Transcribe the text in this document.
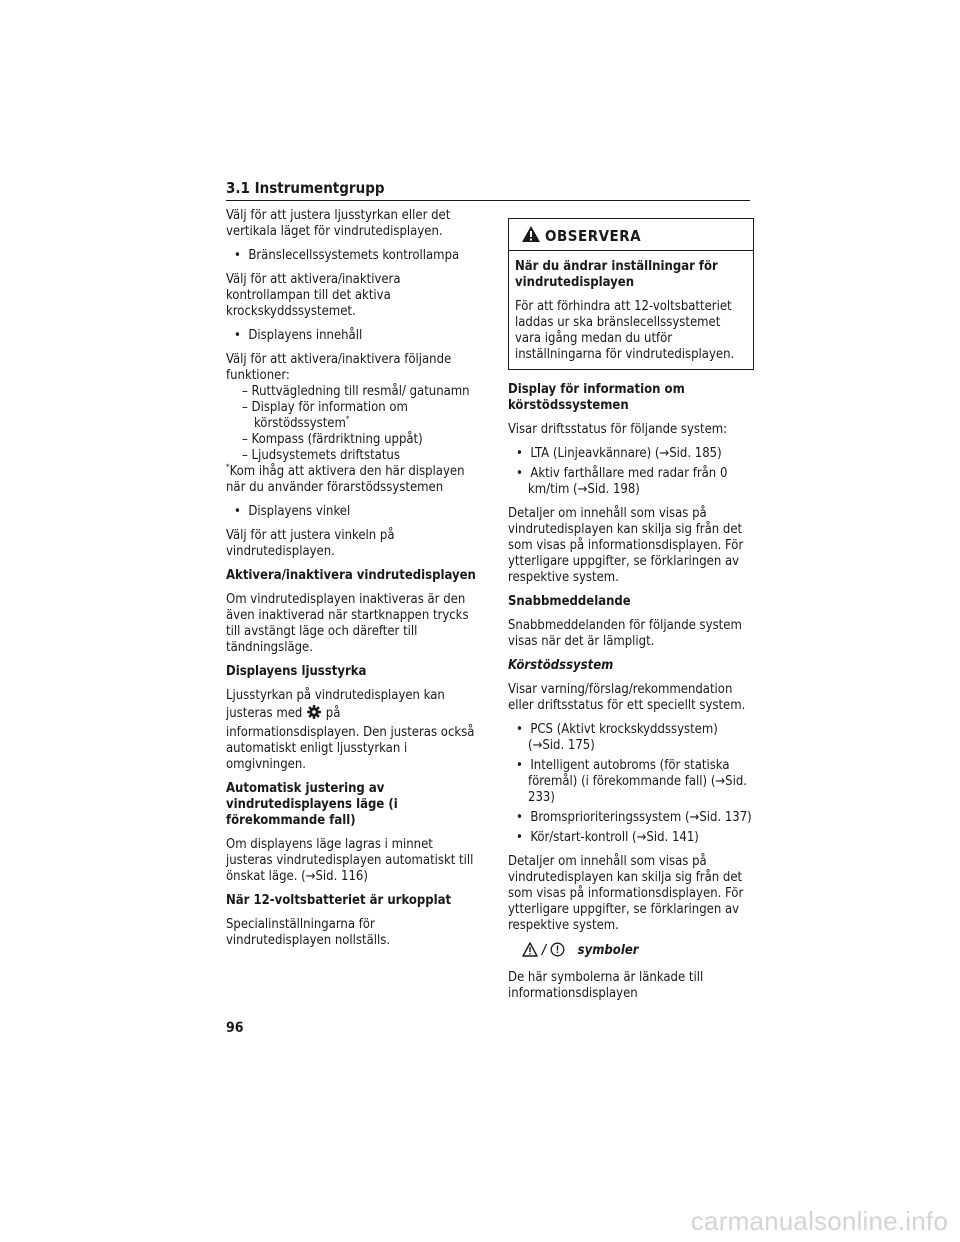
3.1 Instrumentgrupp

Välj för att justera ljusstyrkan eller det vertikala läget för vindrutedisplayen.

•  Bränslecellssystemets kontrollampa

Välj för att aktivera/inaktivera kontrollampan till det aktiva krockskyddssystemet.

•  Displayens innehåll

Välj för att aktivera/inaktivera följande funktioner:

– Ruttvägledning till resmål/ gatunamn

– Display för information om körstödssystem*

– Kompass (färdriktning uppåt)

– Ljudsystemets driftstatus

*Kom ihåg att aktivera den här displayen när du använder förarstödssystemen

•  Displayens vinkel

Välj för att justera vinkeln på vindrutedisplayen.

Aktivera/inaktivera vindrutedisplayen

Om vindrutedisplayen inaktiveras är den även inaktiverad när startknappen trycks till avstängt läge och därefter till tändningsläge.

Displayens ljusstyrka

Ljusstyrkan på vindrutedisplayen kan justeras med på informationsdisplayen. Den justeras också automatiskt enligt ljusstyrkan i omgivningen.

Automatisk justering av vindrutedisplayens läge (i förekommande fall)

Om displayens läge lagras i minnet justeras vindrutedisplayen automatiskt till önskat läge. (→Sid. 116)

När 12-voltsbatteriet är urkopplat

Specialinställningarna för vindrutedisplayen nollställs.

OBSERVERA

När du ändrar inställningar för vindrutedisplayen

För att förhindra att 12-voltsbatteriet laddas ur ska bränslecellssystemet vara igång medan du utför inställningarna för vindrutedisplayen.

Display för information om körstödssystemen

Visar driftsstatus för följande system:

•  LTA (Linjeavkännare) (→Sid. 185)

•  Aktiv farthållare med radar från 0 km/tim (→Sid. 198)

Detaljer om innehåll som visas på vindrutedisplayen kan skilja sig från det som visas på informationsdisplayen. För ytterligare uppgifter, se förklaringen av respektive system.

Snabbmeddelande

Snabbmeddelanden för följande system visas när det är lämpligt.

Körstödssystem

Visar varning/förslag/rekommendation eller driftsstatus för ett speciellt system.

•  PCS (Aktivt krockskyddssystem) (→Sid. 175)

•  Intelligent autobroms (för statiska föremål) (i förekommande fall) (→Sid. 233)

•  Bromsprioriteringssystem (→Sid. 137)

•  Kör/start-kontroll (→Sid. 141)

Detaljer om innehåll som visas på vindrutedisplayen kan skilja sig från det som visas på informationsdisplayen. För ytterligare uppgifter, se förklaringen av respektive system.

/ symboler

De här symbolerna är länkade till informationsdisplayen

96
carmanualsonline.info
